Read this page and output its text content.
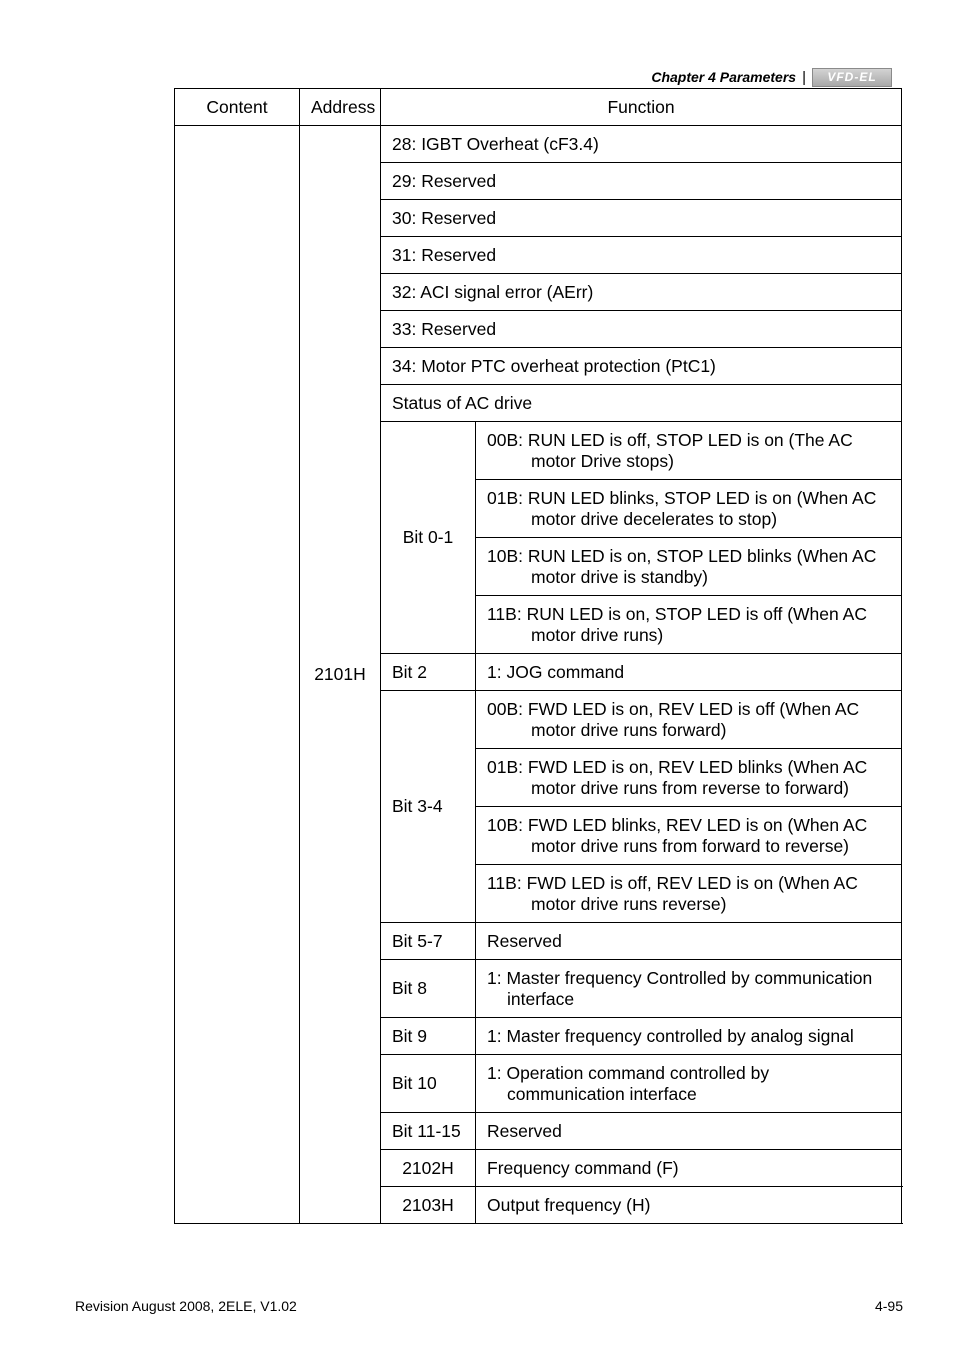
Chapter 4 Parameters |	VFD-EL
Content	Address	Function	
	2101H	28: IGBT Overheat (cF3.4)	
		29: Reserved	
		30: Reserved	
		31: Reserved	
		32: ACI signal error (AErr)	
		33: Reserved	
		34: Motor PTC overheat protection (PtC1)	
		Status of AC drive	
		Bit 0-1	00B: RUN LED is off, STOP LED is on (The AC motor Drive stops)

			01B: RUN LED blinks, STOP LED is on (When AC motor drive decelerates to stop)

			10B: RUN LED is on, STOP LED blinks (When AC motor drive is standby)

			11B: RUN LED is on, STOP LED is off (When AC motor drive runs)

		Bit 2	1: JOG command
		Bit 3-4	00B: FWD LED is on, REV LED is off (When AC motor drive runs forward)

			01B: FWD LED is on, REV LED blinks (When AC motor drive runs from reverse to forward)

			10B: FWD LED blinks, REV LED is on (When AC motor drive runs from forward to reverse)

			11B: FWD LED is off, REV LED is on (When AC motor drive runs reverse)

		Bit 5-7	Reserved
		Bit 8	1: Master frequency Controlled by communication interface

		Bit 9	1: Master frequency controlled by analog signal
		Bit 10	1: Operation command controlled by communication interface

		Bit 11-15	Reserved
		2102H	Frequency command (F)
		2103H	Output frequency (H)
Revision August 2008, 2ELE, V1.02	4-95
